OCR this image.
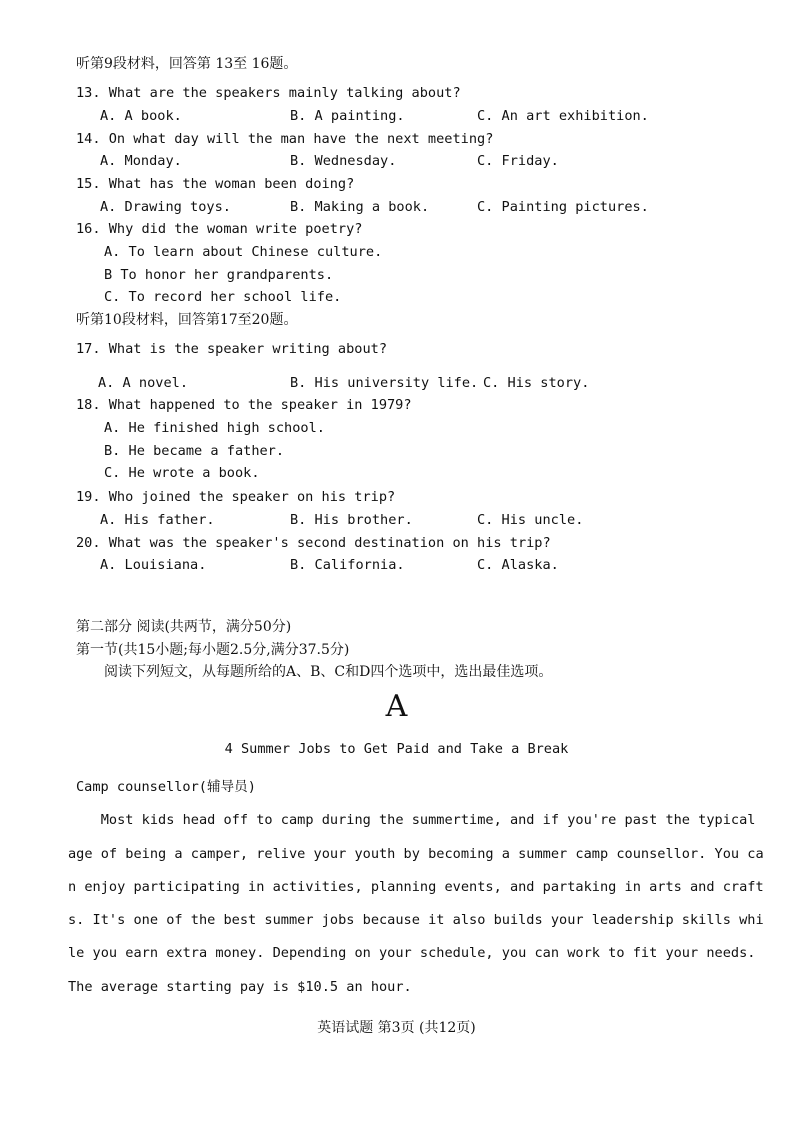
听第9段材料，回答第 13至 16题。
13. What are the speakers mainly talking about?
A. A book.	B. A painting.	C. An art exhibition.
14. On what day will the man have the next meeting?
A. Monday.	B. Wednesday.	C. Friday.
15. What has the woman been doing?
A. Drawing toys.	B. Making a book.	C. Painting pictures.
16. Why did the woman write poetry?
A. To learn about Chinese culture.
B To honor her grandparents.
C. To record her school life.
听第10段材料，回答第17至20题。
17. What is the speaker writing about?
A. A novel.	B. His university life. C. His story.
18. What happened to the speaker in 1979?
A. He finished high school.
B. He became a father.
C. He wrote a book.
19. Who joined the speaker on his trip?
A. His father.	B. His brother.	C. His uncle.
20. What was the speaker's second destination on his trip?
A. Louisiana.	B. California.	C. Alaska.
第二部分 阅读(共两节，满分50分)
第一节(共15小题;每小题2.5分,满分37.5分)
阅读下列短文，从每题所给的A、B、C和D四个选项中，选出最佳选项。
A
4 Summer Jobs to Get Paid and Take a Break
Camp counsellor(辅导员)
Most kids head off to camp during the summertime, and if you're past the typical
age of being a camper, relive your youth by becoming a summer camp counsellor. You ca
n enjoy participating in activities, planning events, and partaking in arts and craft
s. It's one of the best summer jobs because it also builds your leadership skills whi
le you earn extra money. Depending on your schedule, you can work to fit your needs.
The average starting pay is $10.5 an hour.
英语试题 第3页 (共12页)
